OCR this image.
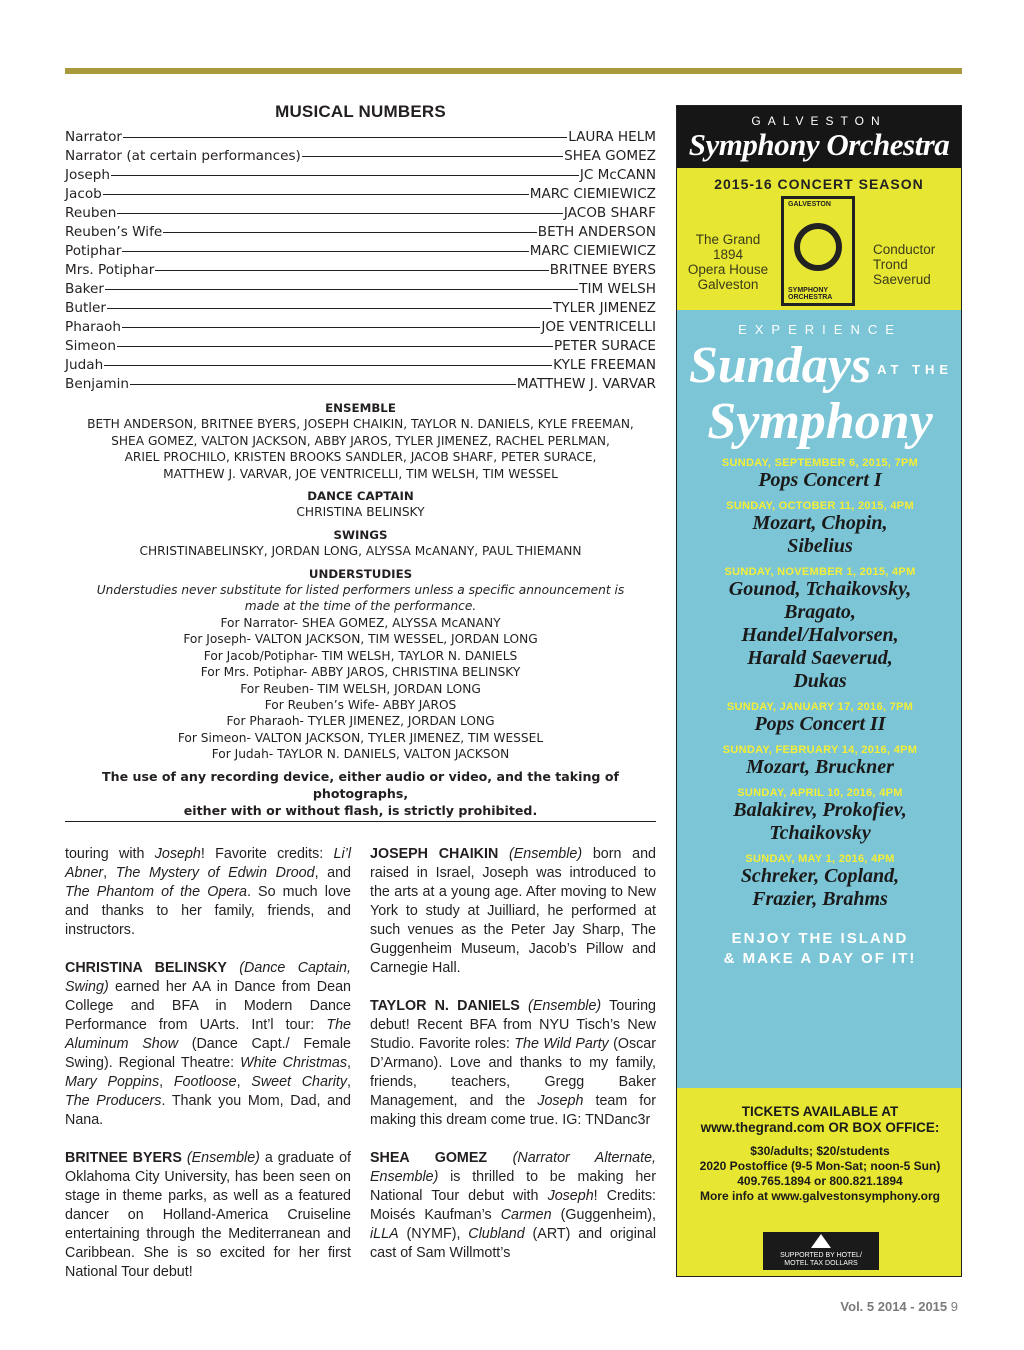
MUSICAL NUMBERS
Narrator	LAURA HELM
Narrator (at certain performances)	SHEA GOMEZ
Joseph	JC McCANN
Jacob	MARC CIEMIEWICZ
Reuben	JACOB SHARF
Reuben’s Wife	BETH ANDERSON
Potiphar	MARC CIEMIEWICZ
Mrs. Potiphar	BRITNEE BYERS
Baker	TIM WELSH
Butler	TYLER JIMENEZ
Pharaoh	JOE VENTRICELLI
Simeon	PETER SURACE
Judah	KYLE FREEMAN
Benjamin	MATTHEW J. VARVAR
ENSEMBLE
BETH ANDERSON, BRITNEE BYERS, JOSEPH CHAIKIN, TAYLOR N. DANIELS, KYLE FREEMAN,
SHEA GOMEZ, VALTON JACKSON, ABBY JAROS, TYLER JIMENEZ, RACHEL PERLMAN,
ARIEL PROCHILO, KRISTEN BROOKS SANDLER, JACOB SHARF, PETER SURACE,
MATTHEW J. VARVAR, JOE VENTRICELLI, TIM WELSH, TIM WESSEL
DANCE CAPTAIN
CHRISTINA BELINSKY
SWINGS
CHRISTINABELINSKY, JORDAN LONG, ALYSSA McANANY, PAUL THIEMANN
UNDERSTUDIES
Understudies never substitute for listed performers unless a specific announcement is
made at the time of the performance.
For Narrator- SHEA GOMEZ, ALYSSA McANANY
For Joseph- VALTON JACKSON, TIM WESSEL, JORDAN LONG
For Jacob/Potiphar- TIM WELSH, TAYLOR N. DANIELS
For Mrs. Potiphar- ABBY JAROS, CHRISTINA BELINSKY
For Reuben- TIM WELSH, JORDAN LONG
For Reuben’s Wife- ABBY JAROS
For Pharaoh- TYLER JIMENEZ, JORDAN LONG
For Simeon- VALTON JACKSON, TYLER JIMENEZ, TIM WESSEL
For Judah- TAYLOR N. DANIELS, VALTON JACKSON
The use of any recording device, either audio or video, and the taking of photographs,
either with or without flash, is strictly prohibited.

touring with Joseph! Favorite credits: Li’l Abner, The Mystery of Edwin Drood, and The Phantom of the Opera. So much love and thanks to her family, friends, and instructors.

CHRISTINA BELINSKY (Dance Captain, Swing) earned her AA in Dance from Dean College and BFA in Modern Dance Performance from UArts. Int’l tour: The Aluminum Show (Dance Capt./ Female Swing). Regional Theatre: White Christmas, Mary Poppins, Footloose, Sweet Charity, The Producers. Thank you Mom, Dad, and Nana.

BRITNEE BYERS (Ensemble) a graduate of Oklahoma City University, has been seen on stage in theme parks, as well as a featured dancer on Holland-America Cruiseline entertaining through the Mediterranean and Caribbean. She is so excited for her first National Tour debut!

JOSEPH CHAIKIN (Ensemble) born and raised in Israel, Joseph was introduced to the arts at a young age. After moving to New York to study at Juilliard, he performed at such venues as the Peter Jay Sharp, The Guggenheim Museum, Jacob’s Pillow and Carnegie Hall.

TAYLOR N. DANIELS (Ensemble) Touring debut! Recent BFA from NYU Tisch’s New Studio. Favorite roles: The Wild Party (Oscar D’Armano). Love and thanks to my family, friends, teachers, Gregg Baker Management, and the Joseph team for making this dream come true. IG: TNDanc3r

SHEA GOMEZ (Narrator Alternate, Ensemble) is thrilled to be making her National Tour debut with Joseph! Credits: Moisés Kaufman’s Carmen (Guggenheim), iLLA (NYMF), Clubland (ART) and original cast of Sam Willmott’s

GALVESTON
Symphony Orchestra
2015-16 CONCERT SEASON
The Grand
1894
Opera House
Galveston
GALVESTON
SYMPHONY ORCHESTRA
Conductor
Trond
Saeverud
EXPERIENCE
Sundays AT THE
Symphony
SUNDAY, SEPTEMBER 6, 2015, 7PM
Pops Concert I
SUNDAY, OCTOBER 11, 2015, 4PM
Mozart, Chopin,
Sibelius
SUNDAY, NOVEMBER 1, 2015, 4PM
Gounod, Tchaikovsky,
Bragato,
Handel/Halvorsen,
Harald Saeverud,
Dukas
SUNDAY, JANUARY 17, 2016, 7PM
Pops Concert II
SUNDAY, FEBRUARY 14, 2016, 4PM
Mozart, Bruckner
SUNDAY, APRIL 10, 2016, 4PM
Balakirev, Prokofiev,
Tchaikovsky
SUNDAY, MAY 1, 2016, 4PM
Schreker, Copland,
Frazier, Brahms
ENJOY THE ISLAND
& MAKE A DAY OF IT!
TICKETS AVAILABLE AT
www.thegrand.com OR BOX OFFICE:
$30/adults; $20/students
2020 Postoffice (9-5 Mon-Sat; noon-5 Sun)
409.765.1894 or 800.821.1894
More info at www.galvestonsymphony.org
SUPPORTED BY HOTEL/
MOTEL TAX DOLLARS
Vol. 5 2014 - 2015 9
